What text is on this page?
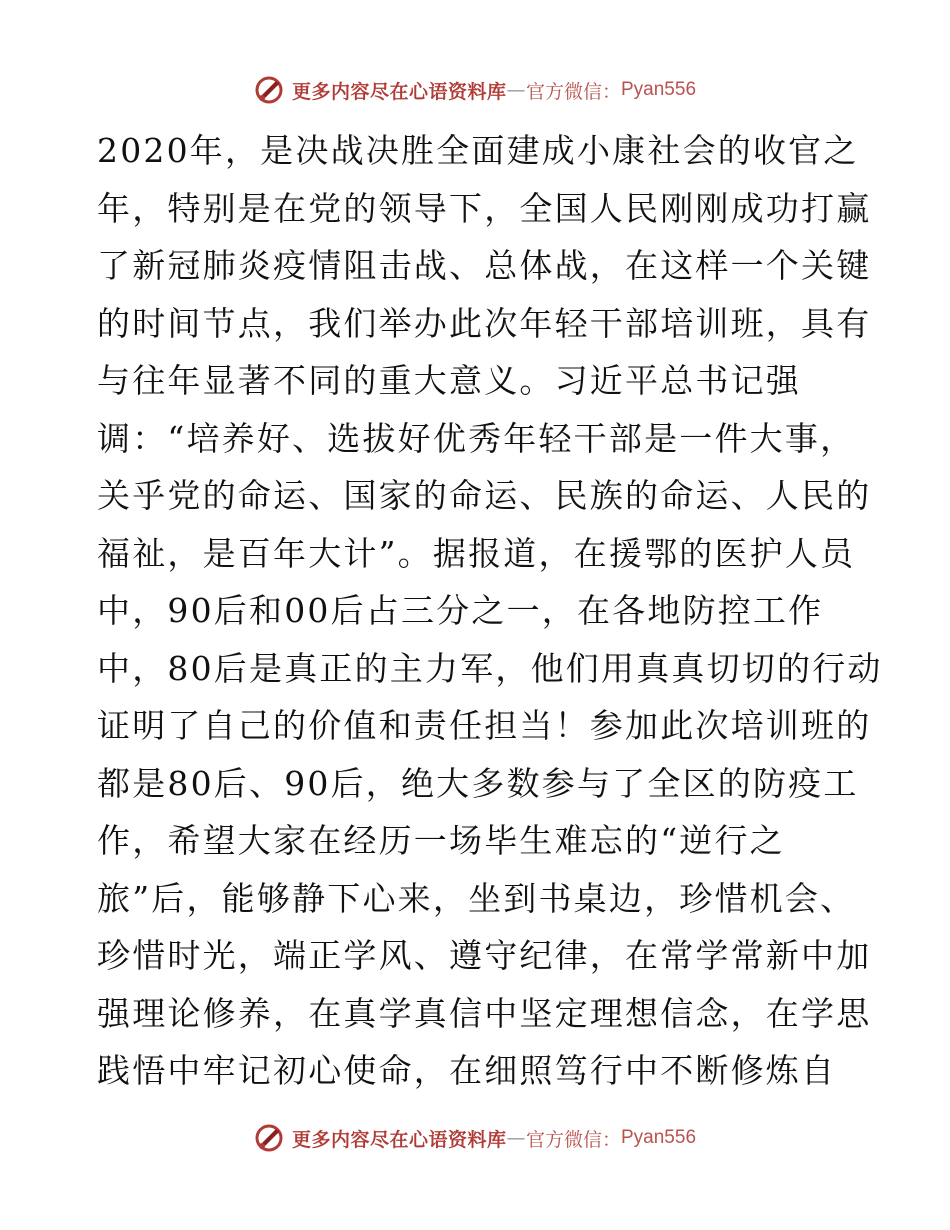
更多内容尽在心语资料库 — 官方微信： Pyan556
2020年，是决战决胜全面建成小康社会的收官之
年，特别是在党的领导下，全国人民刚刚成功打赢
了新冠肺炎疫情阻击战、总体战，在这样一个关键
的时间节点，我们举办此次年轻干部培训班，具有
与往年显著不同的重大意义。习近平总书记强
调：“培养好、选拔好优秀年轻干部是一件大事，
关乎党的命运、国家的命运、民族的命运、人民的
福祉，是百年大计”。据报道，在援鄂的医护人员
中，90后和00后占三分之一，在各地防控工作
中，80后是真正的主力军，他们用真真切切的行动
证明了自己的价值和责任担当！参加此次培训班的
都是80后、90后，绝大多数参与了全区的防疫工
作，希望大家在经历一场毕生难忘的“逆行之
旅”后，能够静下心来，坐到书桌边，珍惜机会、
珍惜时光，端正学风、遵守纪律，在常学常新中加
强理论修养，在真学真信中坚定理想信念，在学思
践悟中牢记初心使命，在细照笃行中不断修炼自
更多内容尽在心语资料库 — 官方微信： Pyan556
